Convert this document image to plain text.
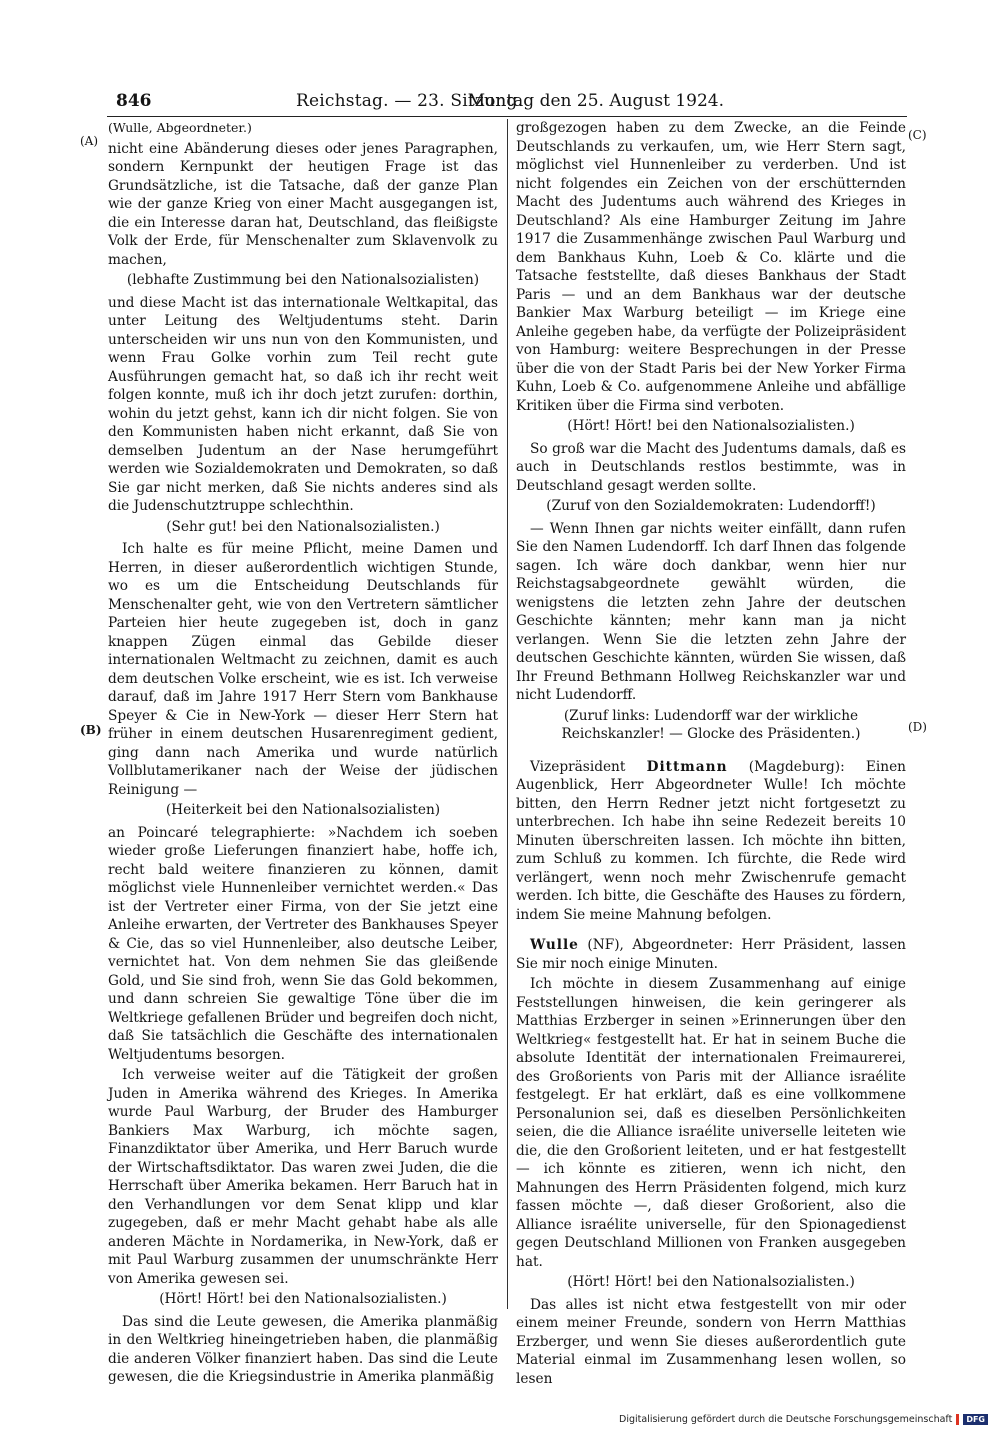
846	Reichstag. — 23. Sitzung.
Montag den 25. August 1924.
(A)
(B)
(C)
(D)

(Wulle, Abgeordneter.)

nicht eine Abänderung dieses oder jenes Paragraphen, sondern Kernpunkt der heutigen Frage ist das Grundsätzliche, ist die Tatsache, daß der ganze Plan wie der ganze Krieg von einer Macht ausgegangen ist, die ein Interesse daran hat, Deutschland, das fleißigste Volk der Erde, für Menschenalter zum Sklavenvolk zu machen,

(lebhafte Zustimmung bei den Nationalsozialisten)

und diese Macht ist das internationale Weltkapital, das unter Leitung des Weltjudentums steht. Darin unterscheiden wir uns nun von den Kommunisten, und wenn Frau Golke vorhin zum Teil recht gute Ausführungen gemacht hat, so daß ich ihr recht weit folgen konnte, muß ich ihr doch jetzt zurufen: dorthin, wohin du jetzt gehst, kann ich dir nicht folgen. Sie von den Kommunisten haben nicht erkannt, daß Sie von demselben Judentum an der Nase herumgeführt werden wie Sozialdemokraten und Demokraten, so daß Sie gar nicht merken, daß Sie nichts anderes sind als die Judenschutztruppe schlechthin.

(Sehr gut! bei den Nationalsozialisten.)

Ich halte es für meine Pflicht, meine Damen und Herren, in dieser außerordentlich wichtigen Stunde, wo es um die Entscheidung Deutschlands für Menschenalter geht, wie von den Vertretern sämtlicher Parteien hier heute zugegeben ist, doch in ganz knappen Zügen einmal das Gebilde dieser internationalen Weltmacht zu zeichnen, damit es auch dem deutschen Volke erscheint, wie es ist. Ich verweise darauf, daß im Jahre 1917 Herr Stern vom Bankhause Speyer & Cie in New-York — dieser Herr Stern hat früher in einem deutschen Husarenregiment gedient, ging dann nach Amerika und wurde natürlich Vollblutamerikaner nach der Weise der jüdischen Reinigung —

(Heiterkeit bei den Nationalsozialisten)

an Poincaré telegraphierte: »Nachdem ich soeben wieder große Lieferungen finanziert habe, hoffe ich, recht bald weitere finanzieren zu können, damit möglichst viele Hunnenleiber vernichtet werden.« Das ist der Vertreter einer Firma, von der Sie jetzt eine Anleihe erwarten, der Vertreter des Bankhauses Speyer & Cie, das so viel Hunnenleiber, also deutsche Leiber, vernichtet hat. Von dem nehmen Sie das gleißende Gold, und Sie sind froh, wenn Sie das Gold bekommen, und dann schreien Sie gewaltige Töne über die im Weltkriege gefallenen Brüder und begreifen doch nicht, daß Sie tatsächlich die Geschäfte des internationalen Weltjudentums besorgen.

Ich verweise weiter auf die Tätigkeit der großen Juden in Amerika während des Krieges. In Amerika wurde Paul Warburg, der Bruder des Hamburger Bankiers Max Warburg, ich möchte sagen, Finanzdiktator über Amerika, und Herr Baruch wurde der Wirtschaftsdiktator. Das waren zwei Juden, die die Herrschaft über Amerika bekamen. Herr Baruch hat in den Verhandlungen vor dem Senat klipp und klar zugegeben, daß er mehr Macht gehabt habe als alle anderen Mächte in Nordamerika, in New-York, daß er mit Paul Warburg zusammen der unumschränkte Herr von Amerika gewesen sei.

(Hört! Hört! bei den Nationalsozialisten.)

Das sind die Leute gewesen, die Amerika planmäßig in den Weltkrieg hineingetrieben haben, die planmäßig die anderen Völker finanziert haben. Das sind die Leute gewesen, die die Kriegsindustrie in Amerika planmäßig

großgezogen haben zu dem Zwecke, an die Feinde Deutschlands zu verkaufen, um, wie Herr Stern sagt, möglichst viel Hunnenleiber zu verderben. Und ist nicht folgendes ein Zeichen von der erschütternden Macht des Judentums auch während des Krieges in Deutschland? Als eine Hamburger Zeitung im Jahre 1917 die Zusammenhänge zwischen Paul Warburg und dem Bankhaus Kuhn, Loeb & Co. klärte und die Tatsache feststellte, daß dieses Bankhaus der Stadt Paris — und an dem Bankhaus war der deutsche Bankier Max Warburg beteiligt — im Kriege eine Anleihe gegeben habe, da verfügte der Polizeipräsident von Hamburg: weitere Besprechungen in der Presse über die von der Stadt Paris bei der New Yorker Firma Kuhn, Loeb & Co. aufgenommene Anleihe und abfällige Kritiken über die Firma sind verboten.

(Hört! Hört! bei den Nationalsozialisten.)

So groß war die Macht des Judentums damals, daß es auch in Deutschlands restlos bestimmte, was in Deutschland gesagt werden sollte.

(Zuruf von den Sozialdemokraten: Ludendorff!)

— Wenn Ihnen gar nichts weiter einfällt, dann rufen Sie den Namen Ludendorff. Ich darf Ihnen das folgende sagen. Ich wäre doch dankbar, wenn hier nur Reichstagsabgeordnete gewählt würden, die wenigstens die letzten zehn Jahre der deutschen Geschichte kännten; mehr kann man ja nicht verlangen. Wenn Sie die letzten zehn Jahre der deutschen Geschichte kännten, würden Sie wissen, daß Ihr Freund Bethmann Hollweg Reichskanzler war und nicht Ludendorff.

(Zuruf links: Ludendorff war der wirkliche Reichskanzler! — Glocke des Präsidenten.)

Vizepräsident Dittmann (Magdeburg): Einen Augenblick, Herr Abgeordneter Wulle! Ich möchte bitten, den Herrn Redner jetzt nicht fortgesetzt zu unterbrechen. Ich habe ihn seine Redezeit bereits 10 Minuten überschreiten lassen. Ich möchte ihn bitten, zum Schluß zu kommen. Ich fürchte, die Rede wird verlängert, wenn noch mehr Zwischenrufe gemacht werden. Ich bitte, die Geschäfte des Hauses zu fördern, indem Sie meine Mahnung befolgen.

Wulle (NF), Abgeordneter: Herr Präsident, lassen Sie mir noch einige Minuten.

Ich möchte in diesem Zusammenhang auf einige Feststellungen hinweisen, die kein geringerer als Matthias Erzberger in seinen »Erinnerungen über den Weltkrieg« festgestellt hat. Er hat in seinem Buche die absolute Identität der internationalen Freimaurerei, des Großorients von Paris mit der Alliance israélite festgelegt. Er hat erklärt, daß es eine vollkommene Personalunion sei, daß es dieselben Persönlichkeiten seien, die die Alliance israélite universelle leiteten wie die, die den Großorient leiteten, und er hat festgestellt — ich könnte es zitieren, wenn ich nicht, den Mahnungen des Herrn Präsidenten folgend, mich kurz fassen möchte —, daß dieser Großorient, also die Alliance israélite universelle, für den Spionagedienst gegen Deutschland Millionen von Franken ausgegeben hat.

(Hört! Hört! bei den Nationalsozialisten.)

Das alles ist nicht etwa festgestellt von mir oder einem meiner Freunde, sondern von Herrn Matthias Erzberger, und wenn Sie dieses außerordentlich gute Material einmal im Zusammenhang lesen wollen, so lesen

Digitalisierung gefördert durch die Deutsche Forschungsgemeinschaft	DFG
